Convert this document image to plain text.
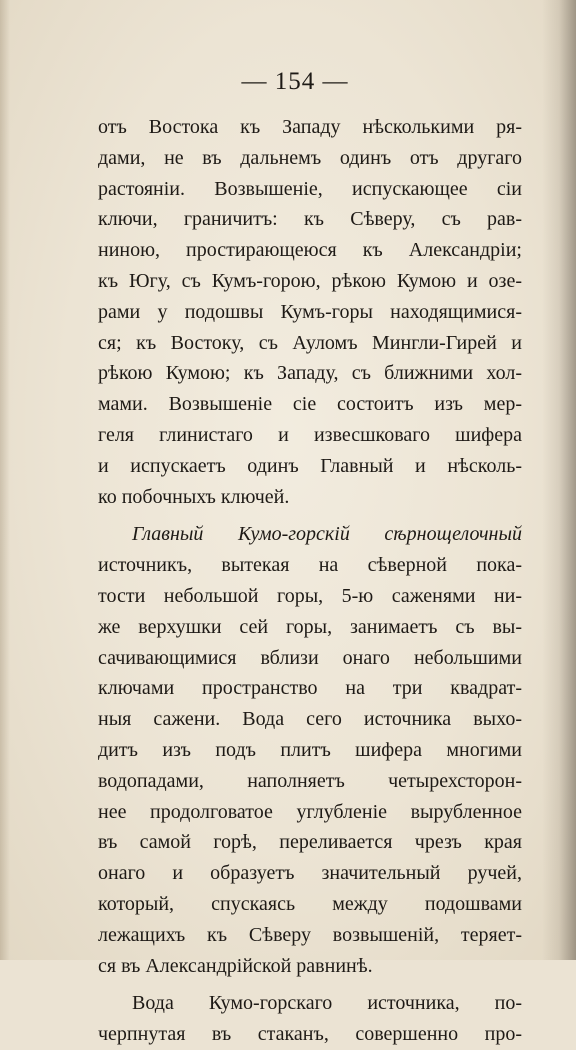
— 154 —
отъ Востока къ Западу нѣсколькими ря-
дами, не въ дальнемъ одинъ отъ другаго
растояніи. Возвышеніе, испускающее сіи
ключи, граничитъ: къ Сѣверу, съ рав-
ниною, простирающеюся къ Александріи;
къ Югу, съ Кумъ-горою, рѣкою Кумою и озе-
рами у подошвы Кумъ-горы находящимися-
ся; къ Востоку, съ Ауломъ Мингли-Гирей и
рѣкою Кумою; къ Западу, съ ближними хол-
мами. Возвышеніе сіе состоитъ изъ мер-
геля глинистаго и извесшковаго шифера
и испускаетъ одинъ Главный и нѣсколь-
ко побочныхъ ключей.
Главный Кумо-горскій сѣрнощелочный
источникъ, вытекая на сѣверной пока-
тости небольшой горы, 5-ю саженями ни-
же верхушки сей горы, занимаетъ съ вы-
сачивающимися вблизи онаго небольшими
ключами пространство на три квадрат-
ныя сажени. Вода сего источника выхо-
дитъ изъ подъ плитъ шифера многими
водопадами, наполняетъ четырехсторон-
нее продолговатое углубленіе вырубленное
въ самой горѣ, переливается чрезъ края
онаго и образуетъ значительный ручей,
который, спускаясь между подошвами
лежащихъ къ Сѣверу возвышеній, теряет-
ся въ Александрійской равнинѣ.
Вода Кумо-горскаго источника, по-
черпнутая въ стаканъ, совершенно про-
